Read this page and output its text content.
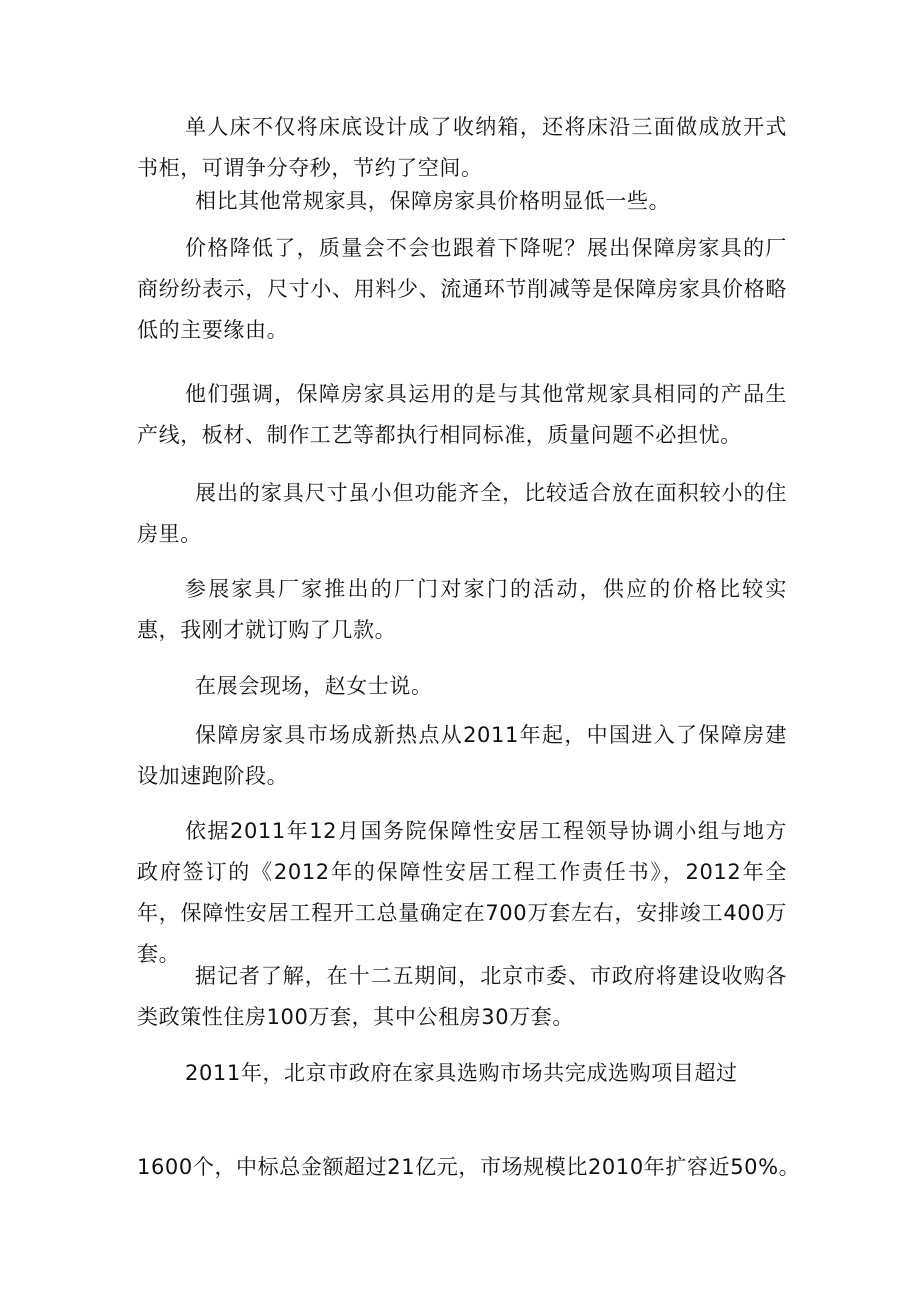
单人床不仅将床底设计成了收纳箱，还将床沿三面做成放开式书柜，可谓争分夺秒，节约了空间。

相比其他常规家具，保障房家具价格明显低一些。

价格降低了，质量会不会也跟着下降呢？展出保障房家具的厂商纷纷表示，尺寸小、用料少、流通环节削减等是保障房家具价格略低的主要缘由。

他们强调，保障房家具运用的是与其他常规家具相同的产品生产线，板材、制作工艺等都执行相同标准，质量问题不必担忧。

展出的家具尺寸虽小但功能齐全，比较适合放在面积较小的住房里。

参展家具厂家推出的厂门对家门的活动，供应的价格比较实惠，我刚才就订购了几款。

在展会现场，赵女士说。

保障房家具市场成新热点从2011年起，中国进入了保障房建设加速跑阶段。

依据2011年12月国务院保障性安居工程领导协调小组与地方政府签订的《2012年的保障性安居工程工作责任书》，2012年全年，保障性安居工程开工总量确定在700万套左右，安排竣工400万套。

据记者了解，在十二五期间，北京市委、市政府将建设收购各类政策性住房100万套，其中公租房30万套。

2011年，北京市政府在家具选购市场共完成选购项目超过

1600个，中标总金额超过21亿元，市场规模比2010年扩容近50%。
